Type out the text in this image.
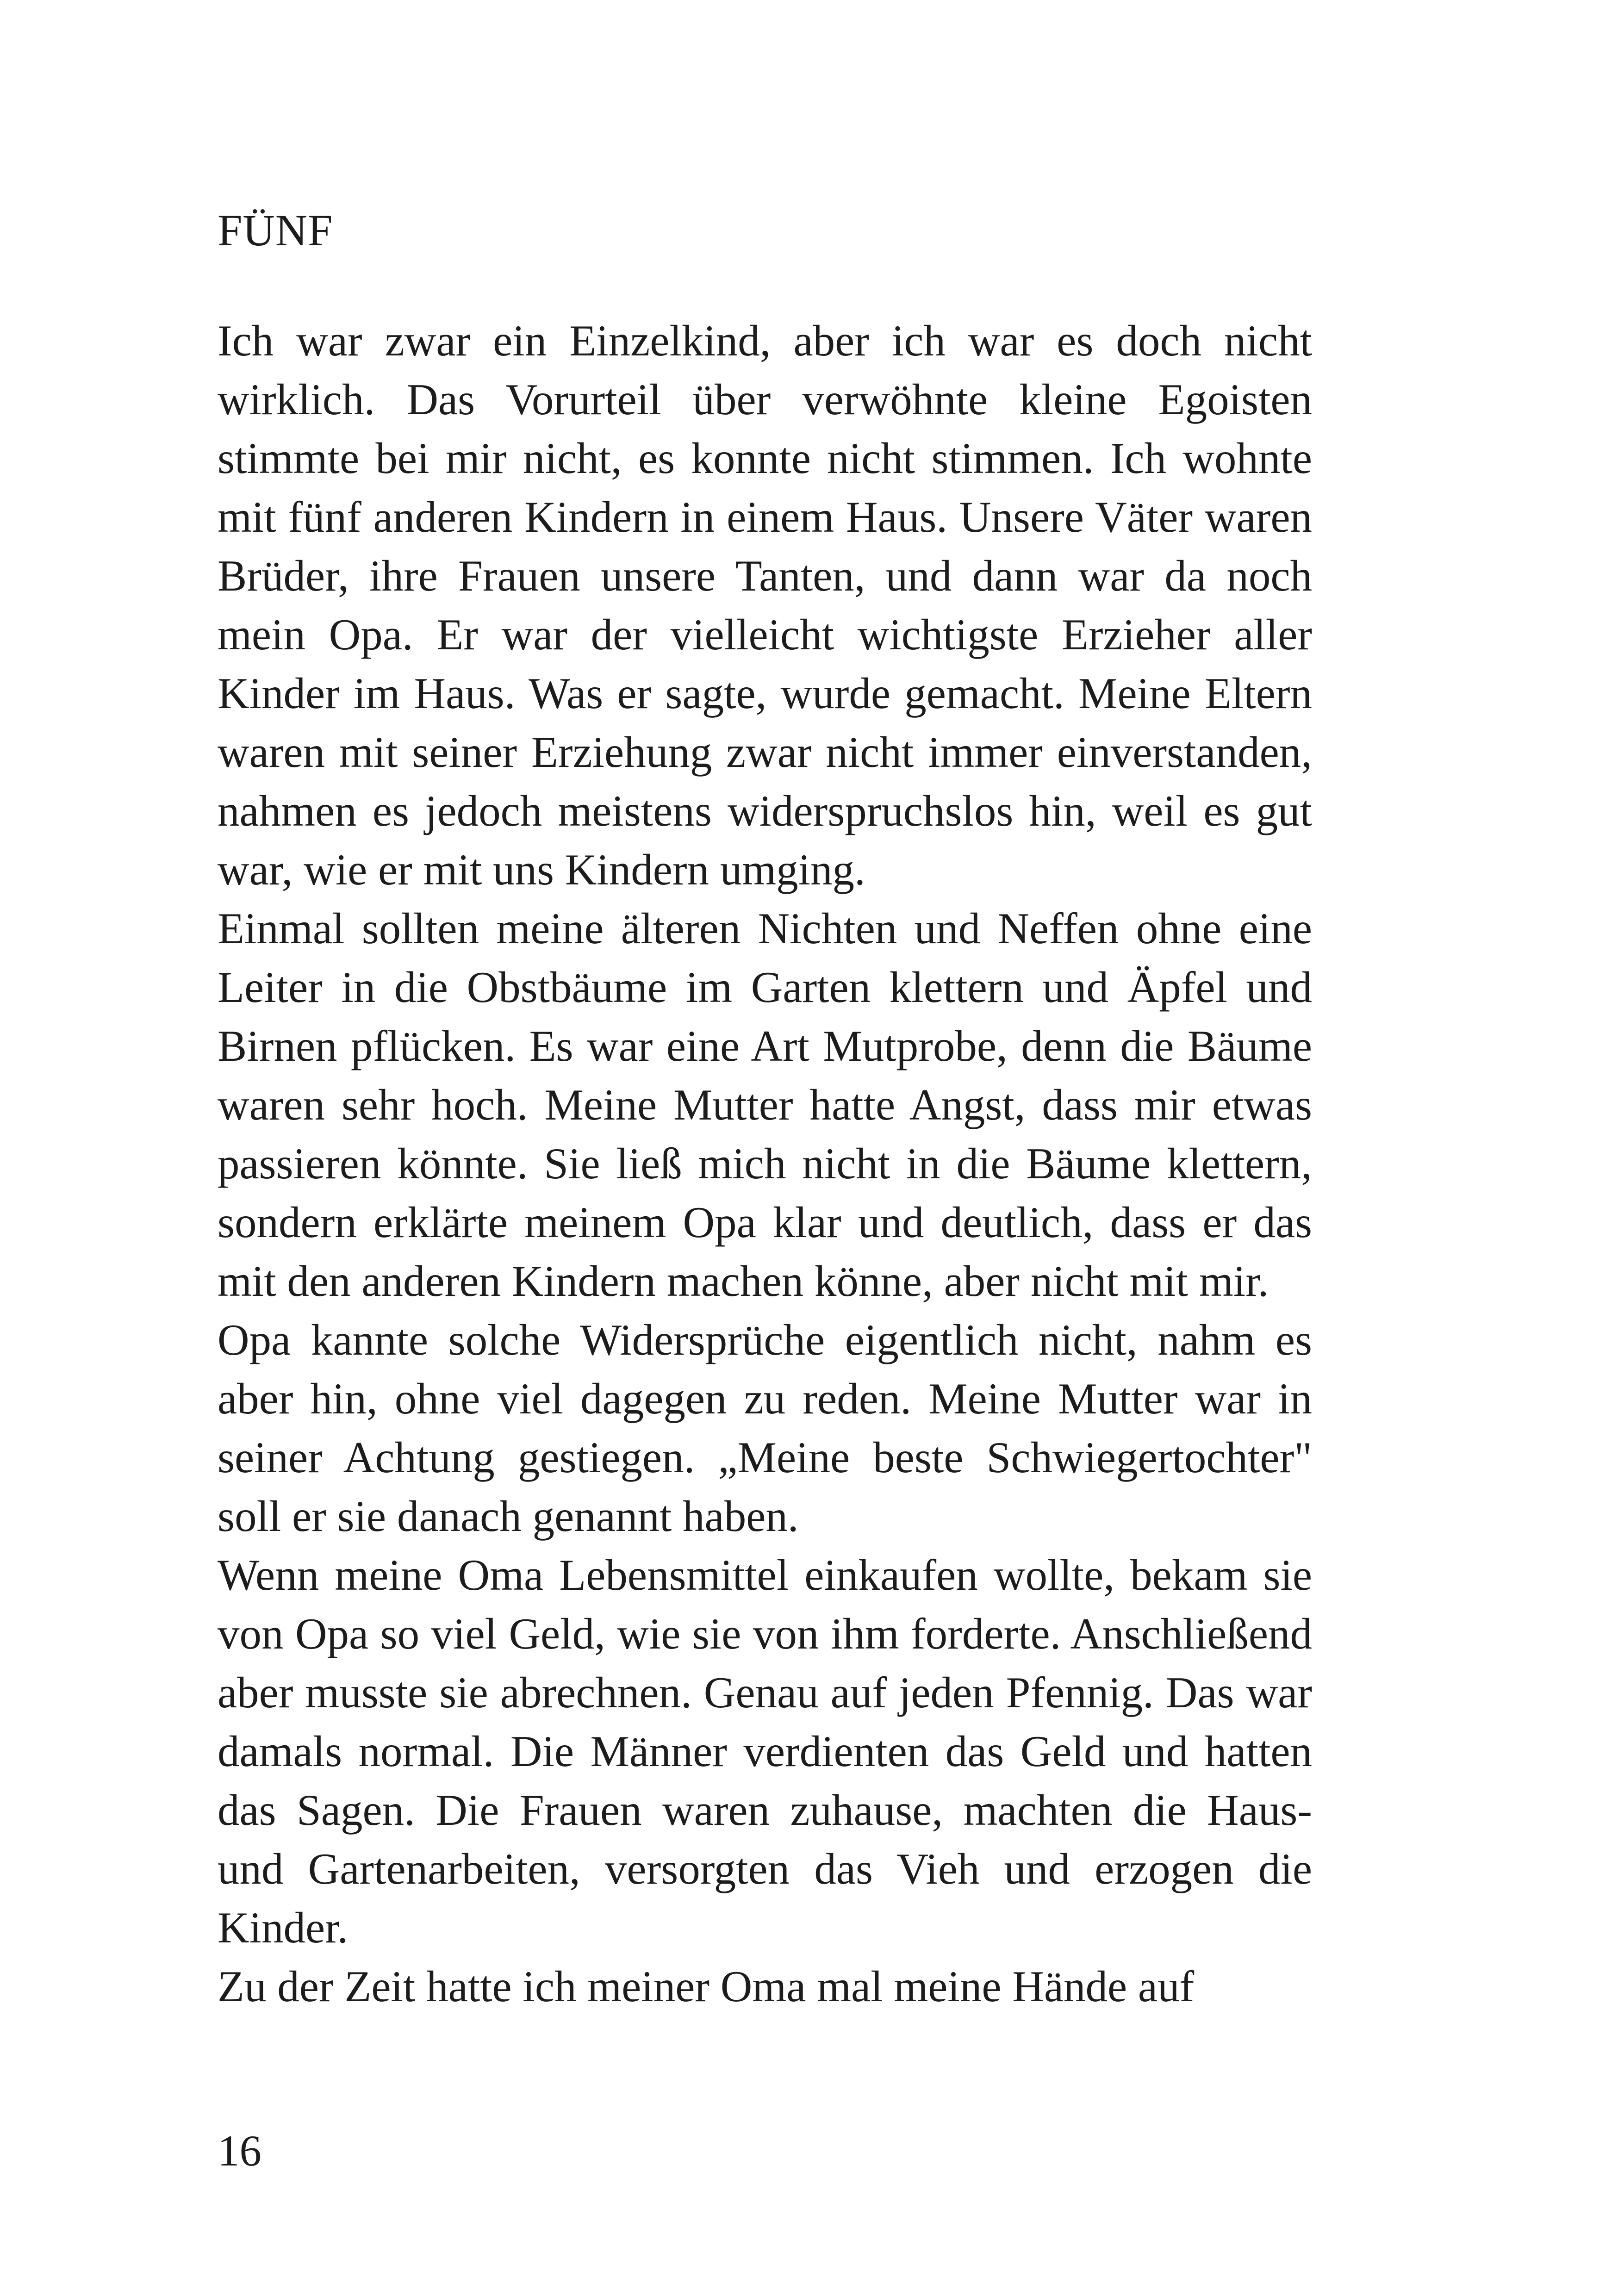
FÜNF

Ich war zwar ein Einzelkind, aber ich war es doch nicht wirklich. Das Vorurteil über verwöhnte kleine Egoisten stimmte bei mir nicht, es konnte nicht stimmen. Ich wohnte mit fünf anderen Kindern in einem Haus. Unsere Väter waren Brüder, ihre Frauen unsere Tanten, und dann war da noch mein Opa. Er war der vielleicht wichtigste Erzieher aller Kinder im Haus. Was er sagte, wurde gemacht. Meine Eltern waren mit seiner Erziehung zwar nicht immer einverstanden, nahmen es jedoch meistens widerspruchslos hin, weil es gut war, wie er mit uns Kindern umging.

Einmal sollten meine älteren Nichten und Neffen ohne eine Leiter in die Obstbäume im Garten klettern und Äpfel und Birnen pflücken. Es war eine Art Mutprobe, denn die Bäume waren sehr hoch. Meine Mutter hatte Angst, dass mir etwas passieren könnte. Sie ließ mich nicht in die Bäume klettern, sondern erklärte meinem Opa klar und deutlich, dass er das mit den anderen Kindern machen könne, aber nicht mit mir.

Opa kannte solche Widersprüche eigentlich nicht, nahm es aber hin, ohne viel dagegen zu reden. Meine Mutter war in seiner Achtung gestiegen. „Meine beste Schwiegertochter" soll er sie danach genannt haben.

Wenn meine Oma Lebensmittel einkaufen wollte, bekam sie von Opa so viel Geld, wie sie von ihm forderte. Anschließend aber musste sie abrechnen. Genau auf jeden Pfennig. Das war damals normal. Die Männer verdienten das Geld und hatten das Sagen. Die Frauen waren zuhause, machten die Haus- und Gartenarbeiten, versorgten das Vieh und erzogen die Kinder.

Zu der Zeit hatte ich meiner Oma mal meine Hände auf

16
